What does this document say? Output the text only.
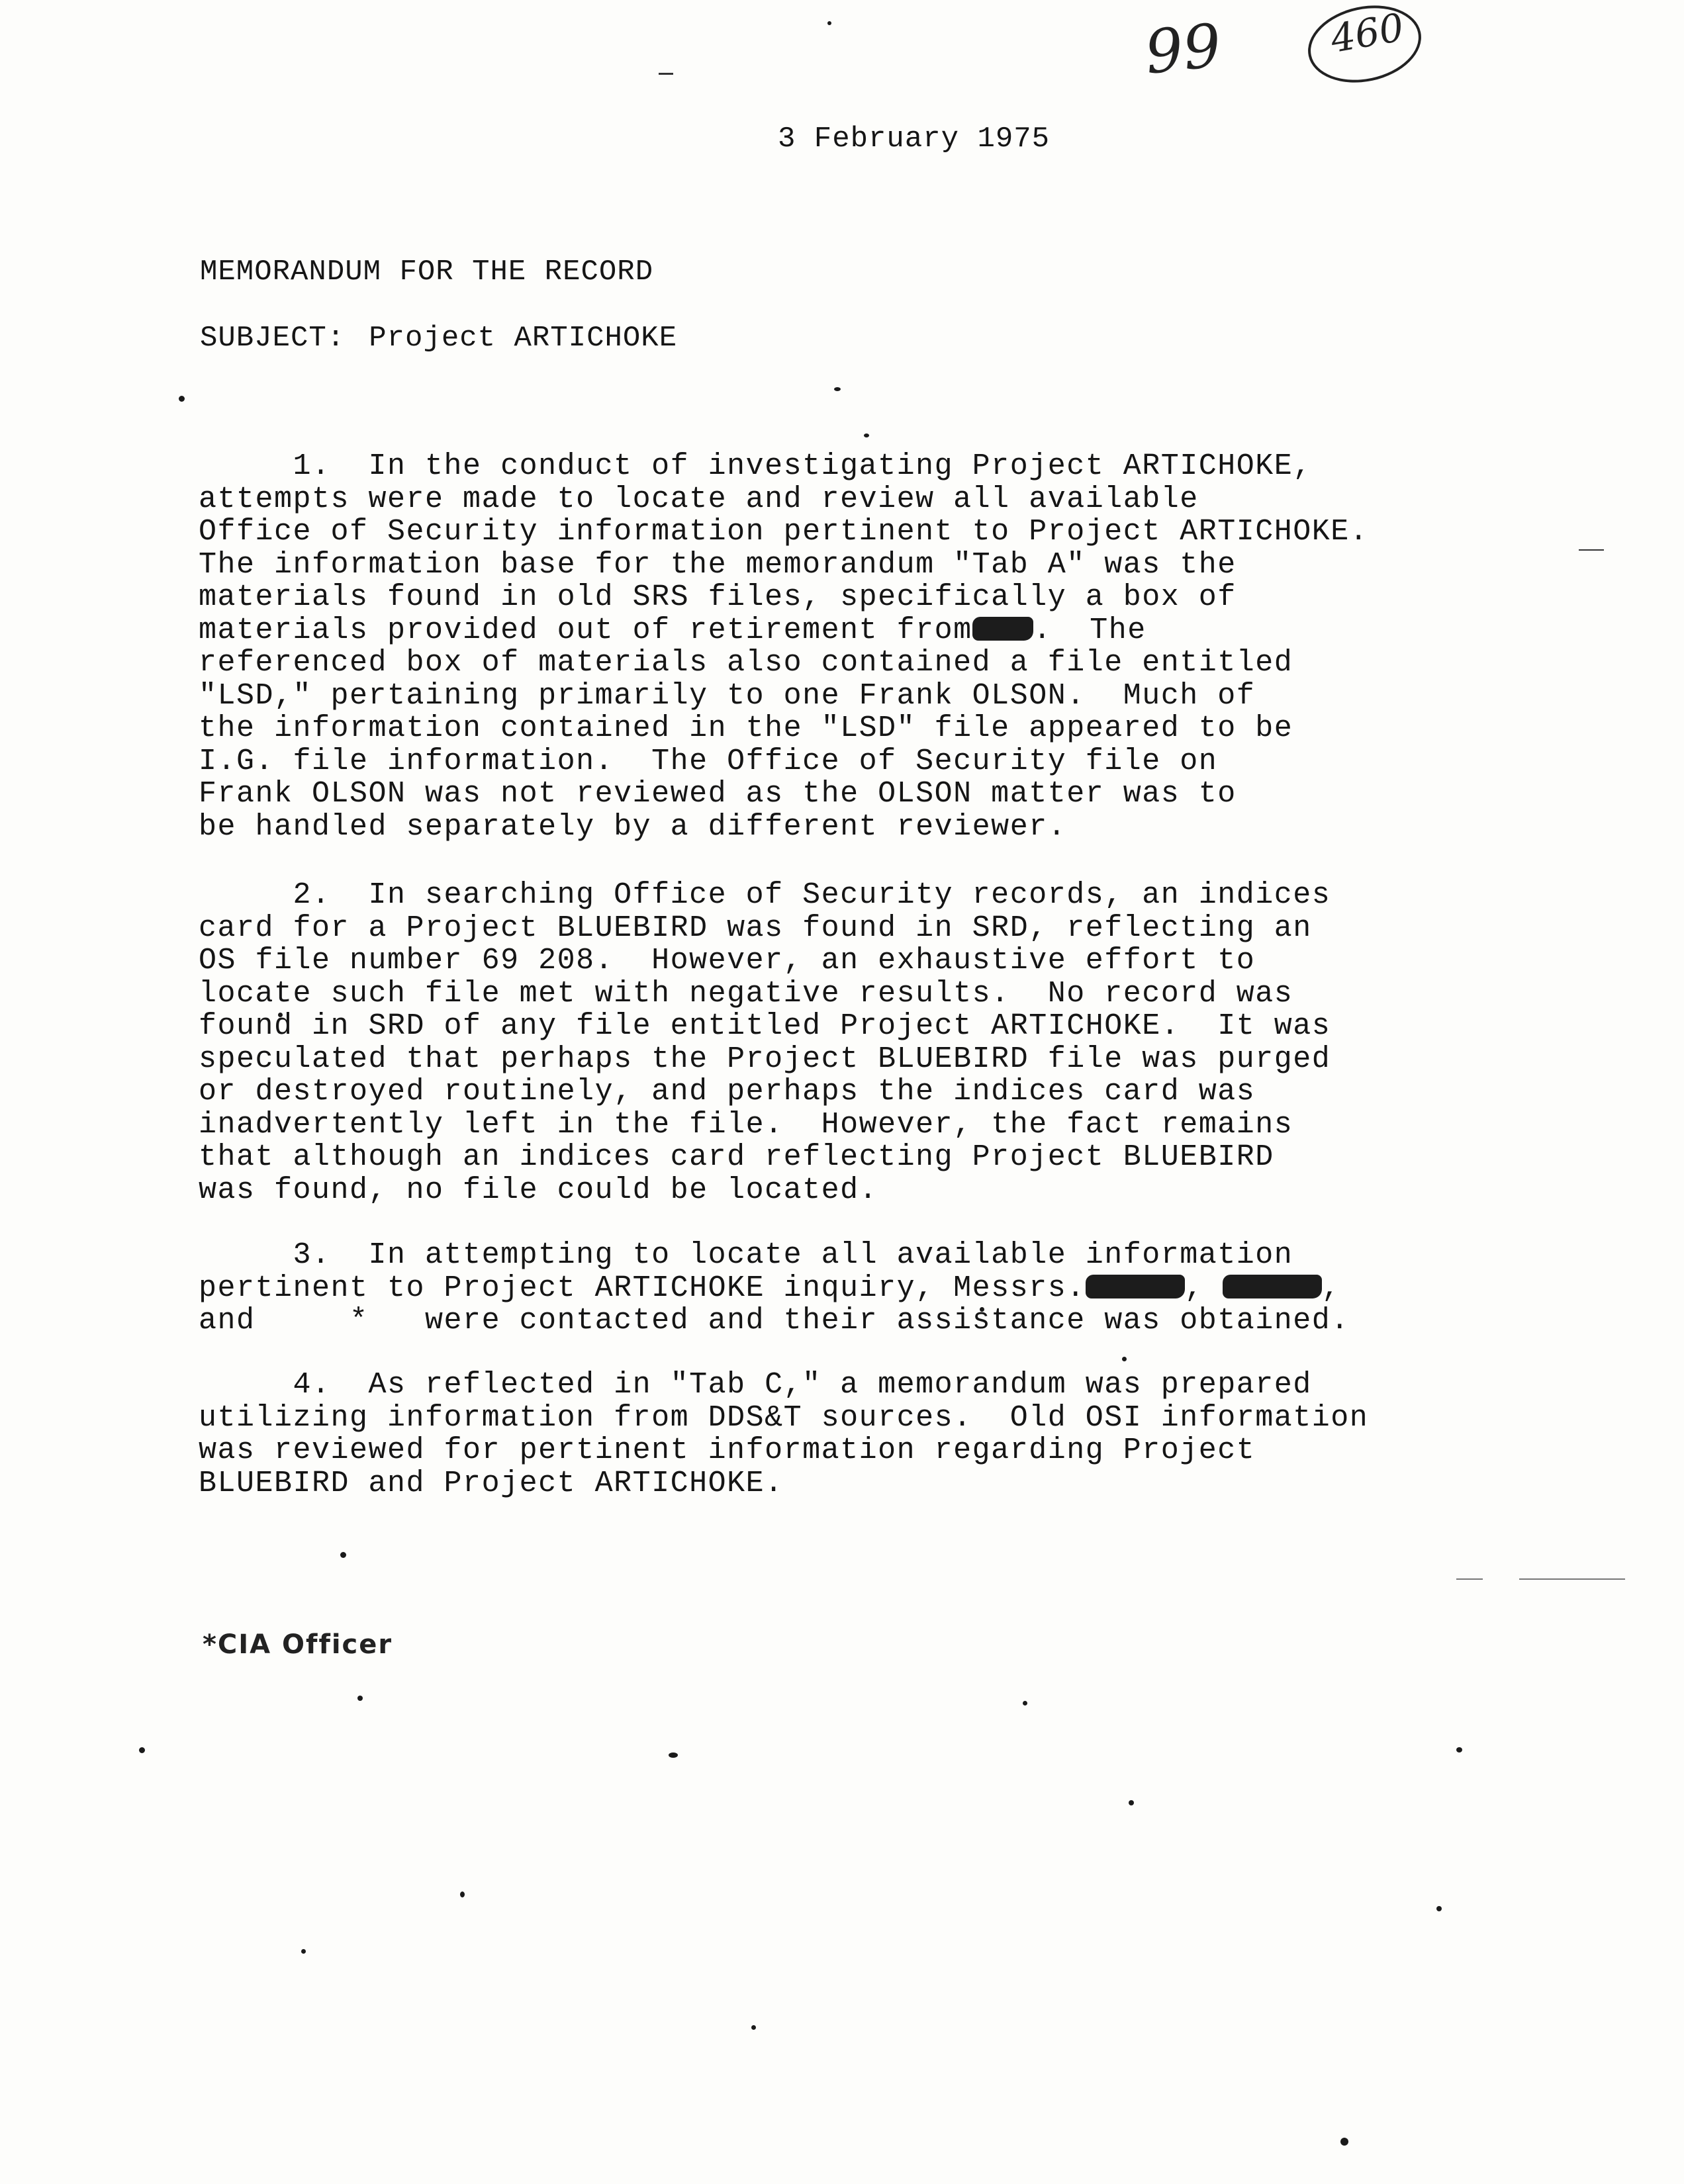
99	460
3 February 1975
MEMORANDUM FOR THE RECORD
SUBJECT: Project ARTICHOKE
1.  In the conduct of investigating Project ARTICHOKE,
attempts were made to locate and review all available
Office of Security information pertinent to Project ARTICHOKE.
The information base for the memorandum "Tab A" was the
materials found in old SRS files, specifically a box of
materials provided out of retirement from .  The
referenced box of materials also contained a file entitled
"LSD," pertaining primarily to one Frank OLSON.  Much of
the information contained in the "LSD" file appeared to be
I.G. file information.  The Office of Security file on
Frank OLSON was not reviewed as the OLSON matter was to
be handled separately by a different reviewer.
2.  In searching Office of Security records, an indices
card for a Project BLUEBIRD was found in SRD, reflecting an
OS file number 69 208.  However, an exhaustive effort to
locate such file met with negative results.  No record was
found in SRD of any file entitled Project ARTICHOKE.  It was
speculated that perhaps the Project BLUEBIRD file was purged
or destroyed routinely, and perhaps the indices card was
inadvertently left in the file.  However, the fact remains
that although an indices card reflecting Project BLUEBIRD
was found, no file could be located.
3.  In attempting to locate all available information
pertinent to Project ARTICHOKE inquiry, Messrs.	,	,
and     *   were contacted and their assistance was obtained.
4.  As reflected in "Tab C," a memorandum was prepared
utilizing information from DDS&T sources.  Old OSI information
was reviewed for pertinent information regarding Project
BLUEBIRD and Project ARTICHOKE.
*CIA Officer
